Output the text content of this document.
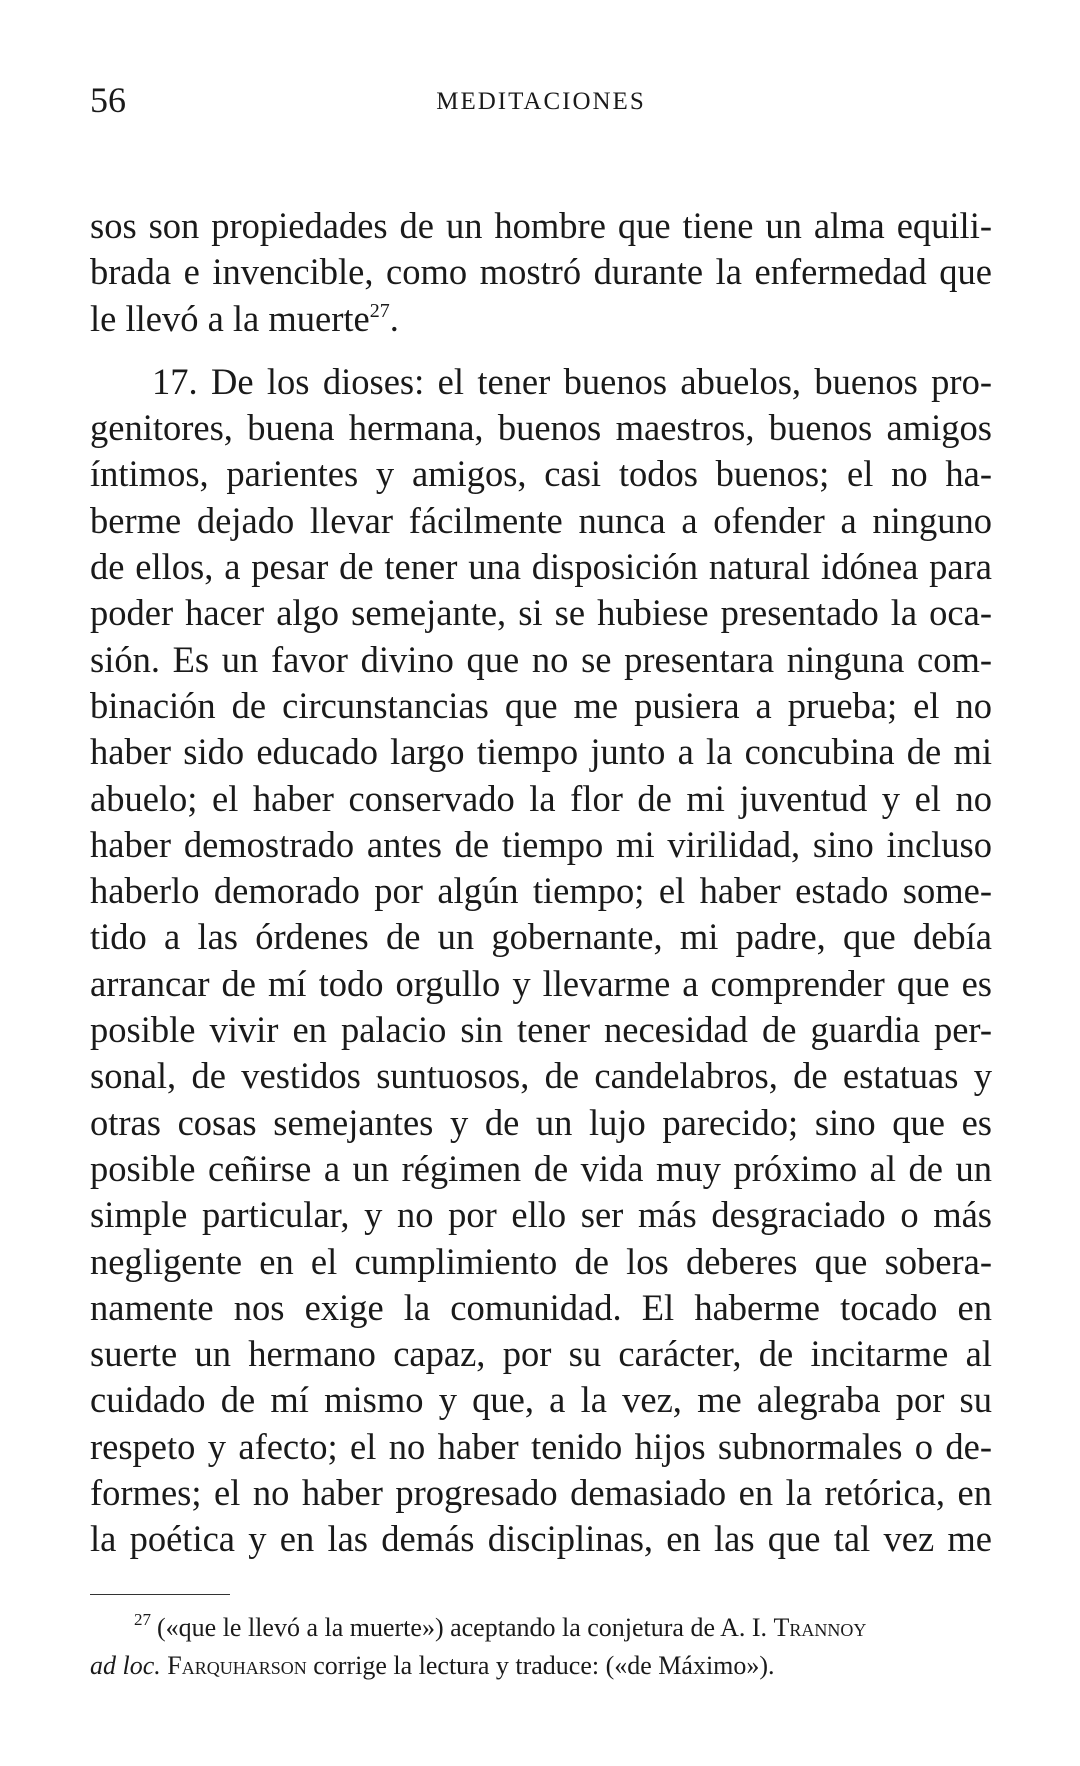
56	MEDITACIONES
sos son propiedades de un hombre que tiene un alma equili-
brada e invencible, como mostró durante la enfermedad que
le llevó a la muerte$^{27}$.
17. De los dioses: el tener buenos abuelos, buenos pro-
genitores, buena hermana, buenos maestros, buenos amigos
íntimos, parientes y amigos, casi todos buenos; el no ha-
berme dejado llevar fácilmente nunca a ofender a ninguno
de ellos, a pesar de tener una disposición natural idónea para
poder hacer algo semejante, si se hubiese presentado la oca-
sión. Es un favor divino que no se presentara ninguna com-
binación de circunstancias que me pusiera a prueba; el no
haber sido educado largo tiempo junto a la concubina de mi
abuelo; el haber conservado la flor de mi juventud y el no
haber demostrado antes de tiempo mi virilidad, sino incluso
haberlo demorado por algún tiempo; el haber estado some-
tido a las órdenes de un gobernante, mi padre, que debía
arrancar de mí todo orgullo y llevarme a comprender que es
posible vivir en palacio sin tener necesidad de guardia per-
sonal, de vestidos suntuosos, de candelabros, de estatuas y
otras cosas semejantes y de un lujo parecido; sino que es
posible ceñirse a un régimen de vida muy próximo al de un
simple particular, y no por ello ser más desgraciado o más
negligente en el cumplimiento de los deberes que sobera-
namente nos exige la comunidad. El haberme tocado en
suerte un hermano capaz, por su carácter, de incitarme al
cuidado de mí mismo y que, a la vez, me alegraba por su
respeto y afecto; el no haber tenido hijos subnormales o de-
formes; el no haber progresado demasiado en la retórica, en
la poética y en las demás disciplinas, en las que tal vez me
$^{27}$ («que le llevó a la muerte») aceptando la conjetura de A. I. Trannoy
ad loc. Farquharson corrige la lectura y traduce: («de Máximo»).
